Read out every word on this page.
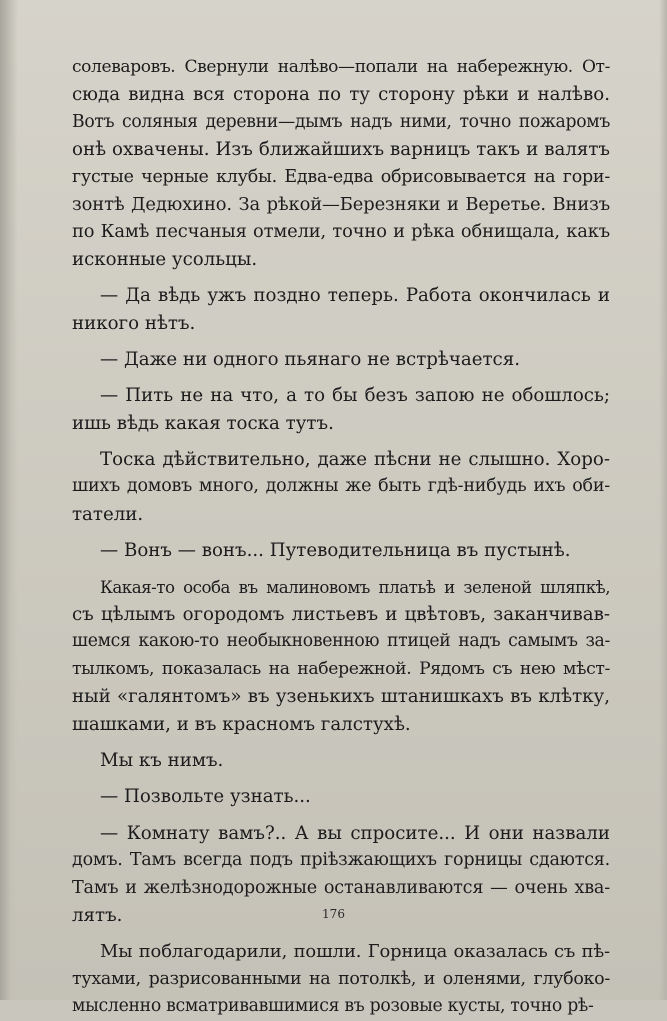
солеваровъ. Свернули налѣво—попали на набережную. От-
сюда видна вся сторона по ту сторону рѣки и налѣво.
Вотъ соляныя деревни—дымъ надъ ними, точно пожаромъ
онѣ охвачены. Изъ ближайшихъ варницъ такъ и валятъ
густые черные клубы. Едва-едва обрисовывается на гори-
зонтѣ Дедюхино. За рѣкой—Березняки и Веретье. Внизъ
по Камѣ песчаныя отмели, точно и рѣка обнищала, какъ
исконные усольцы.
— Да вѣдь ужъ поздно теперь. Работа окончилась и
никого нѣтъ.
— Даже ни одного пьянаго не встрѣчается.
— Пить не на что, а то бы безъ запою не обошлось;
ишь вѣдь какая тоска тутъ.
Тоска дѣйствительно, даже пѣсни не слышно. Хоро-
шихъ домовъ много, должны же быть гдѣ-нибудь ихъ оби-
татели.
— Вонъ — вонъ... Путеводительница въ пустынѣ.
Какая-то особа въ малиновомъ платьѣ и зеленой шляпкѣ,
съ цѣлымъ огородомъ листьевъ и цвѣтовъ, заканчивав-
шемся какою-то необыкновенною птицей надъ самымъ за-
тылкомъ, показалась на набережной. Рядомъ съ нею мѣст-
ный «галянтомъ» въ узенькихъ штанишкахъ въ клѣтку,
шашками, и въ красномъ галстухѣ.
Мы къ нимъ.
— Позвольте узнать...
— Комнату вамъ?.. А вы спросите... И они назвали
домъ. Тамъ всегда подъ пріѣзжающихъ горницы сдаются.
Тамъ и желѣзнодорожные останавливаются — очень хва-
лятъ.
Мы поблагодарили, пошли. Горница оказалась съ пѣ-
тухами, разрисованными на потолкѣ, и оленями, глубоко-
мысленно всматривавшимися въ розовые кусты, точно рѣ-
176
